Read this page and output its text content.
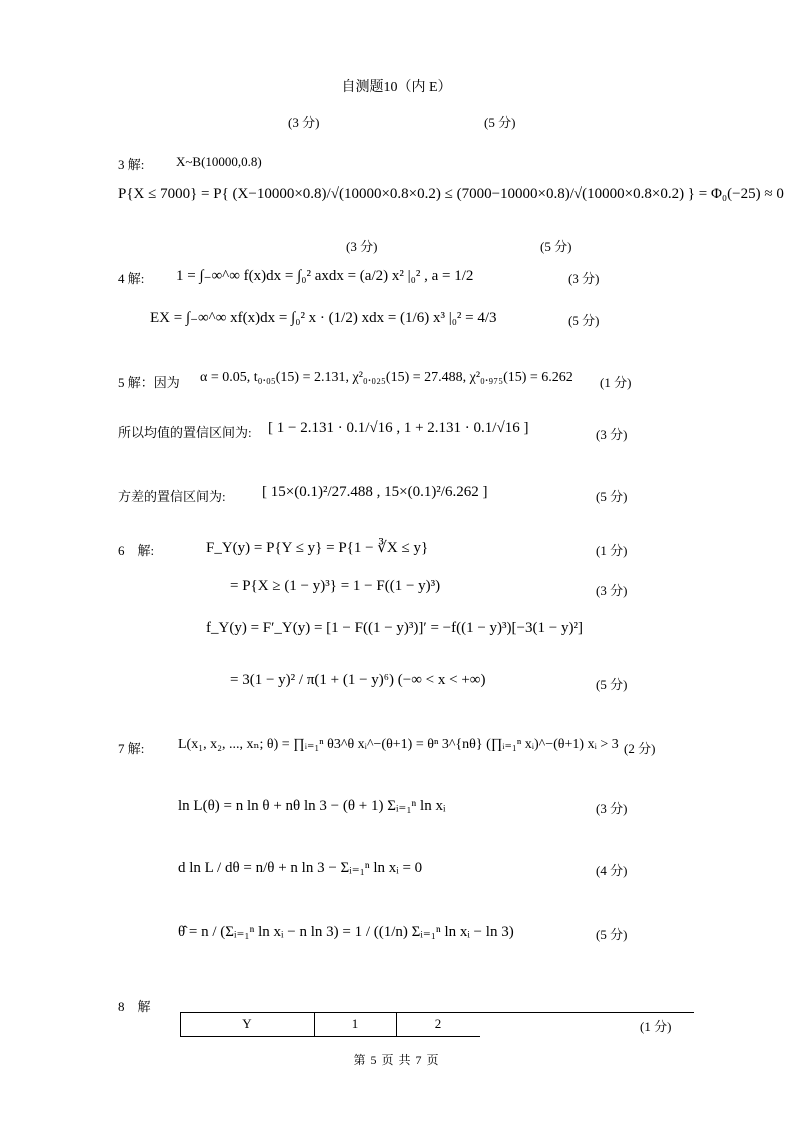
自测题10（内 E）
(3 分)	(5 分)
3 解: X~B(10000,0.8)
P{X ≤ 7000} = P{ (X−10000×0.8)/√(10000×0.8×0.2) ≤ (7000−10000×0.8)/√(10000×0.8×0.2) } = Φ₀(−25) ≈ 0
(3 分)	(5 分)
4 解: 1 = ∫₋∞^∞ f(x)dx = ∫₀² axdx = (a/2) x² |₀² , a = 1/2	(3 分)
EX = ∫₋∞^∞ xf(x)dx = ∫₀² x · (1/2) xdx = (1/6) x³ |₀² = 4/3	(5 分)
5 解：因为 α = 0.05, t₀.₀₅(15) = 2.131, χ²₀.₀₂₅(15) = 27.488, χ²₀.₉₇₅(15) = 6.262 (1 分)
所以均值的置信区间为: [ 1 − 2.131 · 0.1/√16 , 1 + 2.131 · 0.1/√16 ]	(3 分)
方差的置信区间为: [ 15×(0.1)²/27.488 , 15×(0.1)²/6.262 ]	(5 分)
6　解:	F_Y(y) = P{Y ≤ y} = P{1 − ∛X ≤ y}	(1 分)
= P{X ≥ (1 − y)³} = 1 − F((1 − y)³)	(3 分)
f_Y(y) = F′_Y(y) = [1 − F((1 − y)³)]′ = −f((1 − y)³)[−3(1 − y)²]
= 3(1 − y)² / π(1 + (1 − y)⁶) (−∞ < x < +∞)	(5 分)
7 解: L(x₁, x₂, ..., xₙ; θ) = ∏ᵢ₌₁ⁿ θ3^θ xᵢ^−(θ+1) = θⁿ 3^{nθ} (∏ᵢ₌₁ⁿ xᵢ)^−(θ+1) xᵢ > 3 (2 分)
ln L(θ) = n ln θ + nθ ln 3 − (θ + 1) Σᵢ₌₁ⁿ ln xᵢ	(3 分)
d ln L / dθ = n/θ + n ln 3 − Σᵢ₌₁ⁿ ln xᵢ = 0	(4 分)
θ̂ = n / (Σᵢ₌₁ⁿ ln xᵢ − n ln 3) = 1 / ((1/n) Σᵢ₌₁ⁿ ln xᵢ − ln 3)	(5 分)
8　解
Y	1	2	(1 分)
第 5 页 共 7 页
